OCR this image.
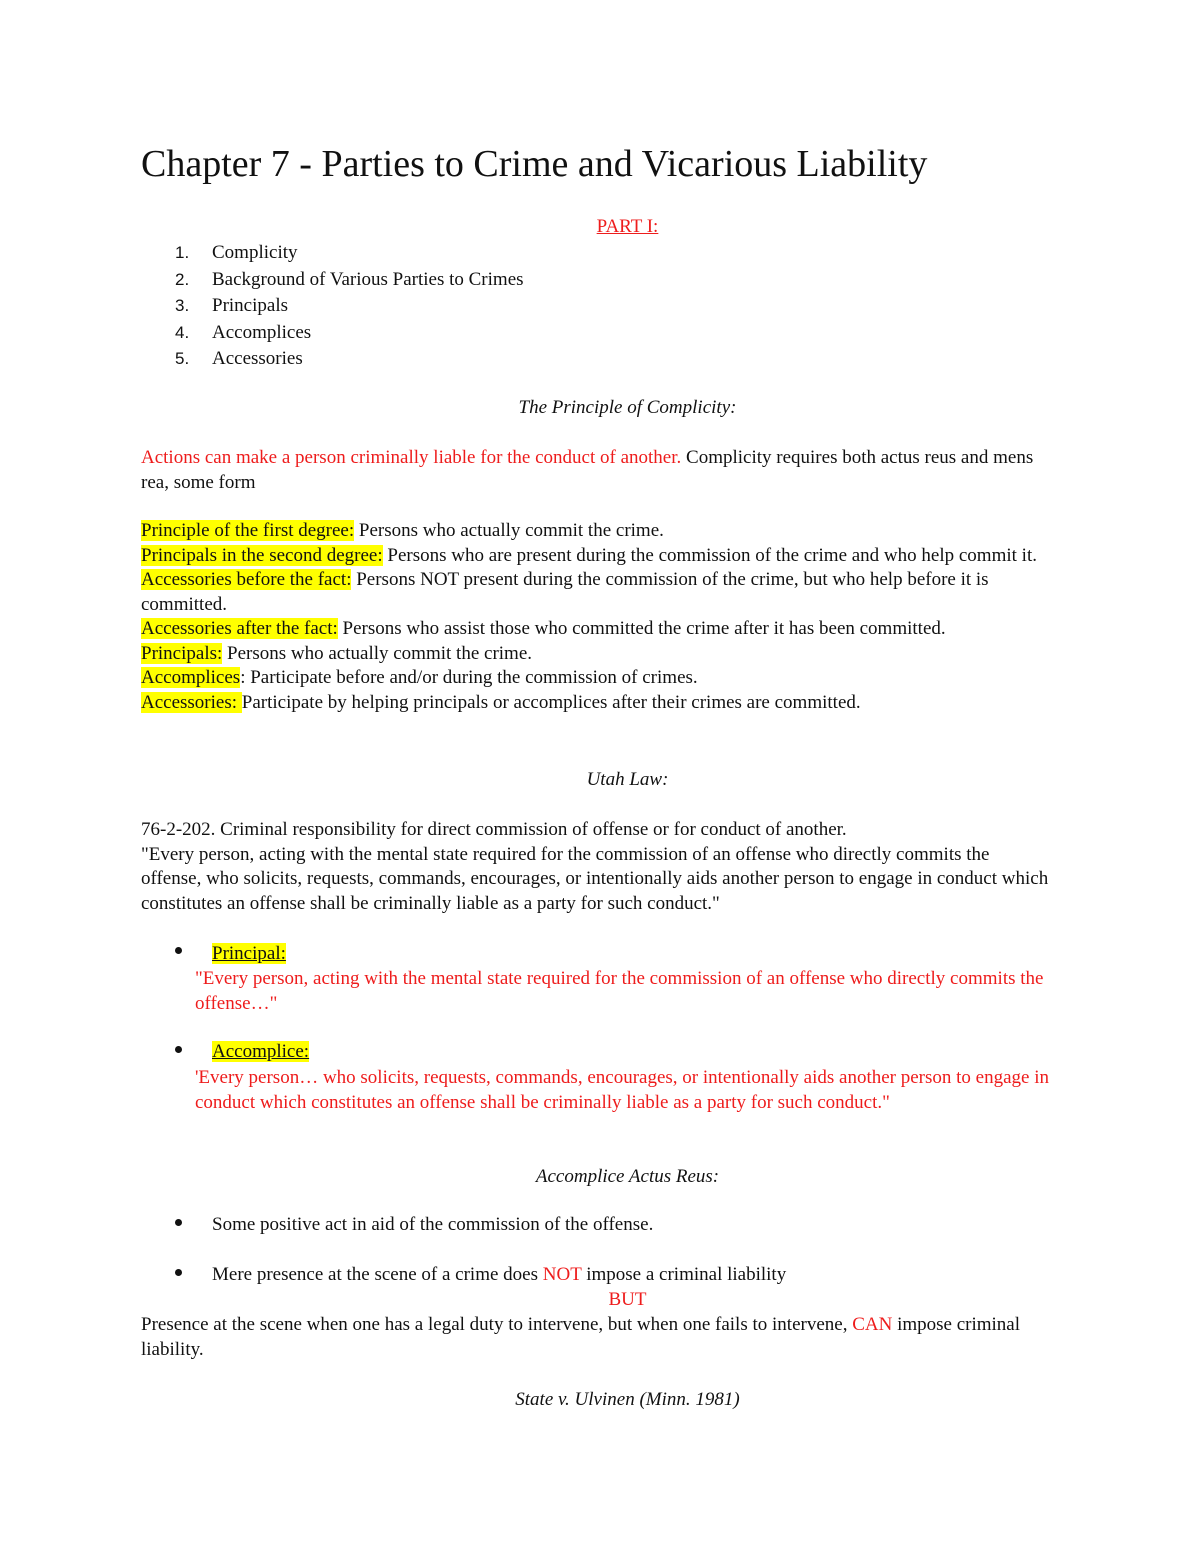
Chapter 7 - Parties to Crime and Vicarious Liability

PART I:

1. Complicity
2. Background of Various Parties to Crimes
3. Principals
4. Accomplices
5. Accessories

The Principle of Complicity:

Actions can make a person criminally liable for the conduct of another. Complicity requires both actus reus and mens rea, some form

Principle of the first degree: Persons who actually commit the crime.
Principals in the second degree: Persons who are present during the commission of the crime and who help commit it.
Accessories before the fact: Persons NOT present during the commission of the crime, but who help before it is committed.
Accessories after the fact: Persons who assist those who committed the crime after it has been committed.
Principals: Persons who actually commit the crime.
Accomplices: Participate before and/or during the commission of crimes.
Accessories: Participate by helping principals or accomplices after their crimes are committed.

Utah Law:

76-2-202. Criminal responsibility for direct commission of offense or for conduct of another.
"Every person, acting with the mental state required for the commission of an offense who directly commits the offense, who solicits, requests, commands, encourages, or intentionally aids another person to engage in conduct which constitutes an offense shall be criminally liable as a party for such conduct."
Principal:
"Every person, acting with the mental state required for the commission of an offense who directly commits the offense…"
Accomplice:
'Every person… who solicits, requests, commands, encourages, or intentionally aids another person to engage in conduct which constitutes an offense shall be criminally liable as a party for such conduct."

Accomplice Actus Reus:

Some positive act in aid of the commission of the offense.
Mere presence at the scene of a crime does NOT impose a criminal liability

BUT

Presence at the scene when one has a legal duty to intervene, but when one fails to intervene, CAN impose criminal liability.

State v. Ulvinen (Minn. 1981)
